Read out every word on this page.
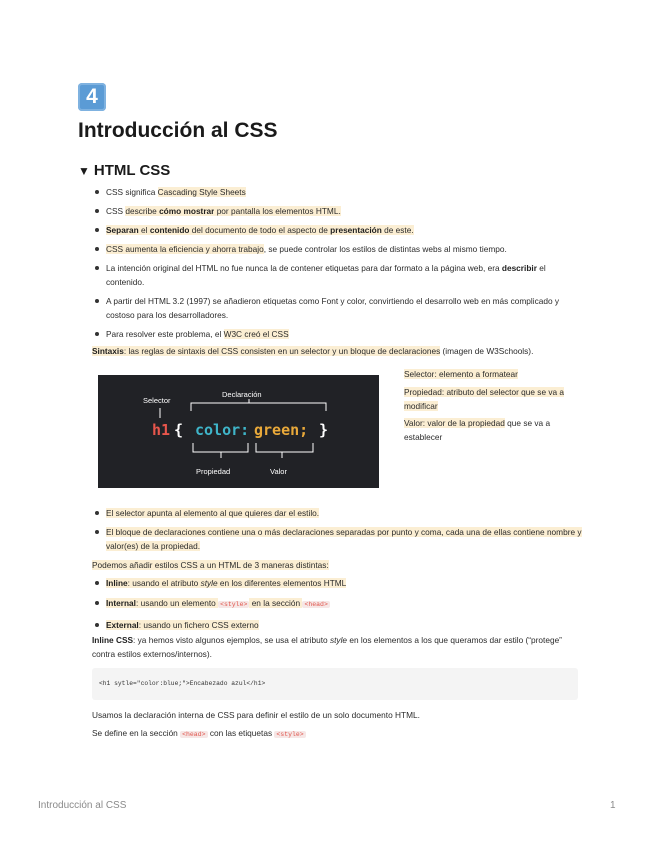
4
Introducción al CSS
▼ HTML CSS
CSS significa Cascading Style Sheets
CSS describe cómo mostrar por pantalla los elementos HTML.
Separan el contenido del documento de todo el aspecto de presentación de este.
CSS aumenta la eficiencia y ahorra trabajo, se puede controlar los estilos de distintas webs al mismo tiempo.
La intención original del HTML no fue nunca la de contener etiquetas para dar formato a la página web, era describir el contenido.
A partir del HTML 3.2 (1997) se añadieron etiquetas como Font y color, convirtiendo el desarrollo web en más complicado y costoso para los desarrolladores.
Para resolver este problema, el W3C creó el CSS

Sintaxis: las reglas de sintaxis del CSS consisten en un selector y un bloque de declaraciones (imagen de W3Schools).

Selector
Declaración
h1 { color: green; }
Propiedad	Valor

Selector: elemento a formatear

Propiedad: atributo del selector que se va a modificar

Valor: valor de la propiedad que se va a establecer

El selector apunta al elemento al que quieres dar el estilo.
El bloque de declaraciones contiene una o más declaraciones separadas por punto y coma, cada una de ellas contiene nombre y valor(es) de la propiedad.

Podemos añadir estilos CSS a un HTML de 3 maneras distintas:

Inline: usando el atributo style en los diferentes elementos HTML
Internal: usando un elemento <style> en la sección <head>
External: usando un fichero CSS externo

Inline CSS: ya hemos visto algunos ejemplos, se usa el atributo style en los elementos a los que queramos dar estilo (“protege” contra estilos externos/internos).

<h1 sytle="color:blue;">Encabezado azul</h1>

Usamos la declaración interna de CSS para definir el estilo de un solo documento HTML.

Se define en la sección <head> con las etiquetas <style>

Introducción al CSS	1
